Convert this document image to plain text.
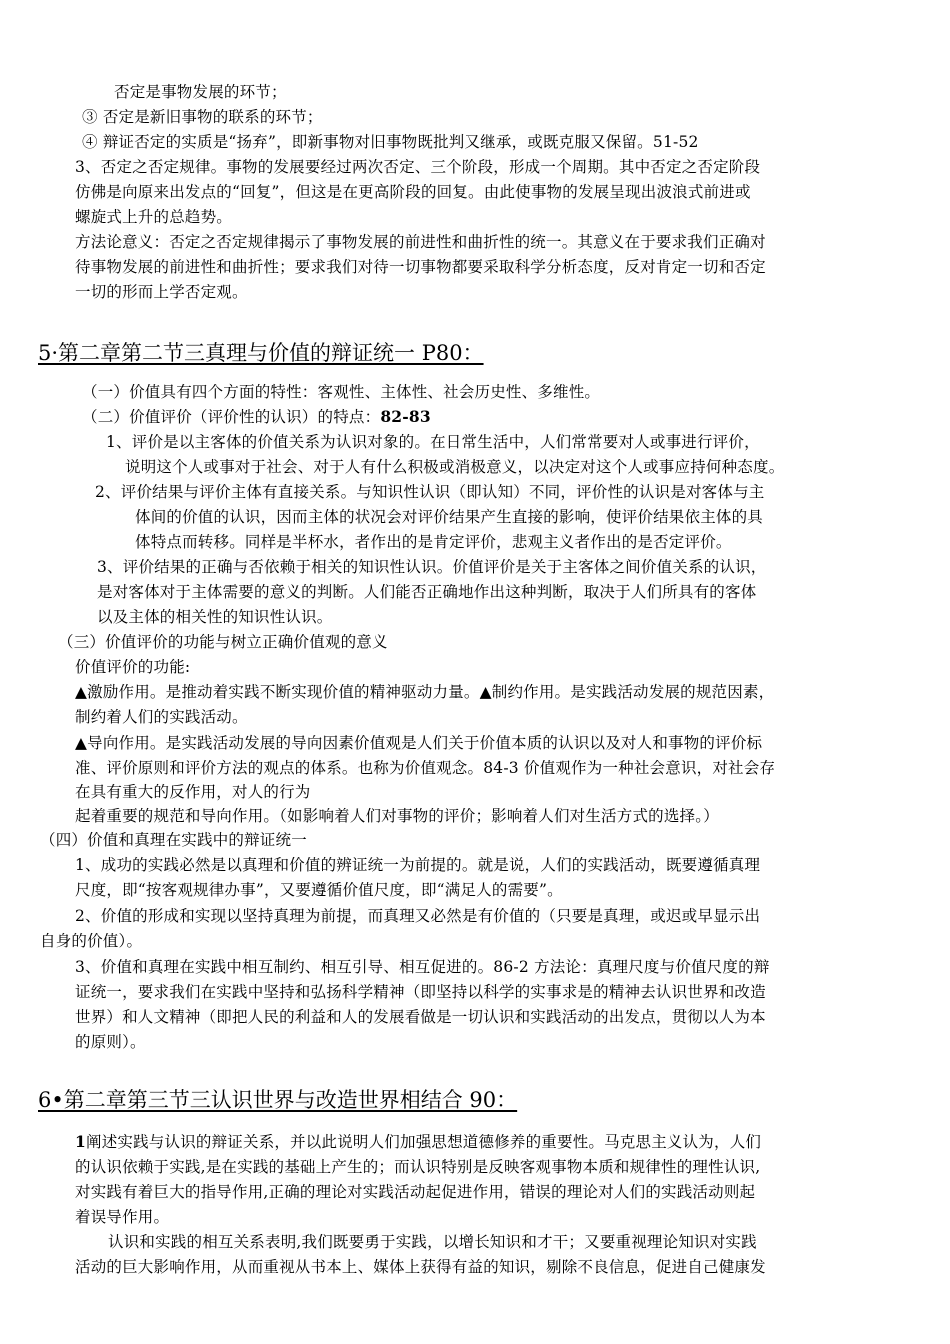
否定是事物发展的环节；
③ 否定是新旧事物的联系的环节；
④ 辩证否定的实质是“扬弃”，即新事物对旧事物既批判又继承，或既克服又保留。51-52
3、否定之否定规律。事物的发展要经过两次否定、三个阶段，形成一个周期。其中否定之否定阶段
仿佛是向原来出发点的“回复”，但这是在更高阶段的回复。由此使事物的发展呈现出波浪式前进或
螺旋式上升的总趋势。
方法论意义：否定之否定规律揭示了事物发展的前进性和曲折性的统一。其意义在于要求我们正确对
待事物发展的前进性和曲折性；要求我们对待一切事物都要采取科学分析态度，反对肯定一切和否定
一切的形而上学否定观。
5·第二章第二节三真理与价值的辩证统一 P80：
（一）价值具有四个方面的特性：客观性、主体性、社会历史性、多维性。
（二）价值评价（评价性的认识）的特点：82-83
1、评价是以主客体的价值关系为认识对象的。在日常生活中，人们常常要对人或事进行评价，
说明这个人或事对于社会、对于人有什么积极或消极意义，以决定对这个人或事应持何种态度。
2、评价结果与评价主体有直接关系。与知识性认识（即认知）不同，评价性的认识是对客体与主
体间的价值的认识，因而主体的状况会对评价结果产生直接的影响，使评价结果依主体的具
体特点而转移。同样是半杯水，者作出的是肯定评价，悲观主义者作出的是否定评价。
3、评价结果的正确与否依赖于相关的知识性认识。价值评价是关于主客体之间价值关系的认识，
是对客体对于主体需要的意义的判断。人们能否正确地作出这种判断，取决于人们所具有的客体
以及主体的相关性的知识性认识。
（三）价值评价的功能与树立正确价值观的意义
价值评价的功能:
▲激励作用。是推动着实践不断实现价值的精神驱动力量。▲制约作用。是实践活动发展的规范因素，
制约着人们的实践活动。
▲导向作用。是实践活动发展的导向因素价值观是人们关于价值本质的认识以及对人和事物的评价标
准、评价原则和评价方法的观点的体系。也称为价值观念。84-3 价值观作为一种社会意识，对社会存
在具有重大的反作用，对人的行为
起着重要的规范和导向作用。（如影响着人们对事物的评价；影响着人们对生活方式的选择。）
（四）价值和真理在实践中的辩证统一
1、成功的实践必然是以真理和价值的辨证统一为前提的。就是说，人们的实践活动，既要遵循真理
尺度，即“按客观规律办事”，又要遵循价值尺度，即“满足人的需要”。
2、价值的形成和实现以坚持真理为前提，而真理又必然是有价值的（只要是真理，或迟或早显示出
自身的价值）。
3、价值和真理在实践中相互制约、相互引导、相互促进的。86-2 方法论：真理尺度与价值尺度的辩
证统一，要求我们在实践中坚持和弘扬科学精神（即坚持以科学的实事求是的精神去认识世界和改造
世界）和人文精神（即把人民的利益和人的发展看做是一切认识和实践活动的出发点，贯彻以人为本
的原则）。
6•第二章第三节三认识世界与改造世界相结合 90：
1阐述实践与认识的辩证关系，并以此说明人们加强思想道德修养的重要性。马克思主义认为，人们
的认识依赖于实践,是在实践的基础上产生的；而认识特别是反映客观事物本质和规律性的理性认识,
对实践有着巨大的指导作用,正确的理论对实践活动起促进作用，错误的理论对人们的实践活动则起
着误导作用。
认识和实践的相互关系表明,我们既要勇于实践，以增长知识和才干；又要重视理论知识对实践
活动的巨大影响作用，从而重视从书本上、媒体上获得有益的知识，剔除不良信息，促进自己健康发
